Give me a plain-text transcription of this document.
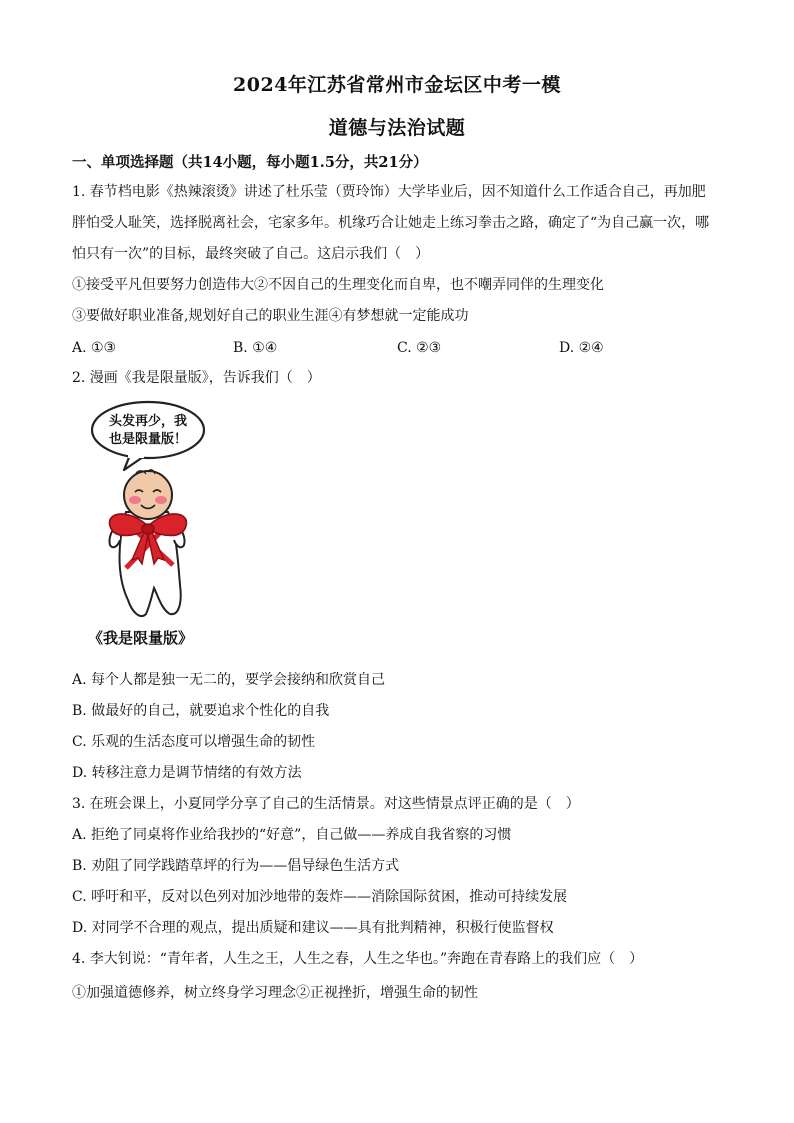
2024年江苏省常州市金坛区中考一模
道德与法治试题
一、单项选择题（共14小题，每小题1.5分，共21分）
1. 春节档电影《热辣滚烫》讲述了杜乐莹（贾玲饰）大学毕业后，因不知道什么工作适合自己，再加肥
胖怕受人耻笑，选择脱离社会，宅家多年。机缘巧合让她走上练习拳击之路，确定了“为自己赢一次，哪
怕只有一次”的目标，最终突破了自己。这启示我们（　）
①接受平凡但要努力创造伟大②不因自己的生理变化而自卑，也不嘲弄同伴的生理变化
③要做好职业准备,规划好自己的职业生涯④有梦想就一定能成功
A. ①③	B. ①④	C. ②③	D. ②④
2. 漫画《我是限量版》，告诉我们（　）
头发再少，我
也是限量版！
《我是限量版》
A. 每个人都是独一无二的，要学会接纳和欣赏自己
B. 做最好的自己，就要追求个性化的自我
C. 乐观的生活态度可以增强生命的韧性
D. 转移注意力是调节情绪的有效方法
3. 在班会课上，小夏同学分享了自己的生活情景。对这些情景点评正确的是（　）
A. 拒绝了同桌将作业给我抄的“好意”，自己做——养成自我省察的习惯
B. 劝阻了同学践踏草坪的行为——倡导绿色生活方式
C. 呼吁和平，反对以色列对加沙地带的轰炸——消除国际贫困，推动可持续发展
D. 对同学不合理的观点，提出质疑和建议——具有批判精神，积极行使监督权
4. 李大钊说：“青年者，人生之王，人生之春，人生之华也。”奔跑在青春路上的我们应（　）
①加强道德修养，树立终身学习理念②正视挫折，增强生命的韧性
